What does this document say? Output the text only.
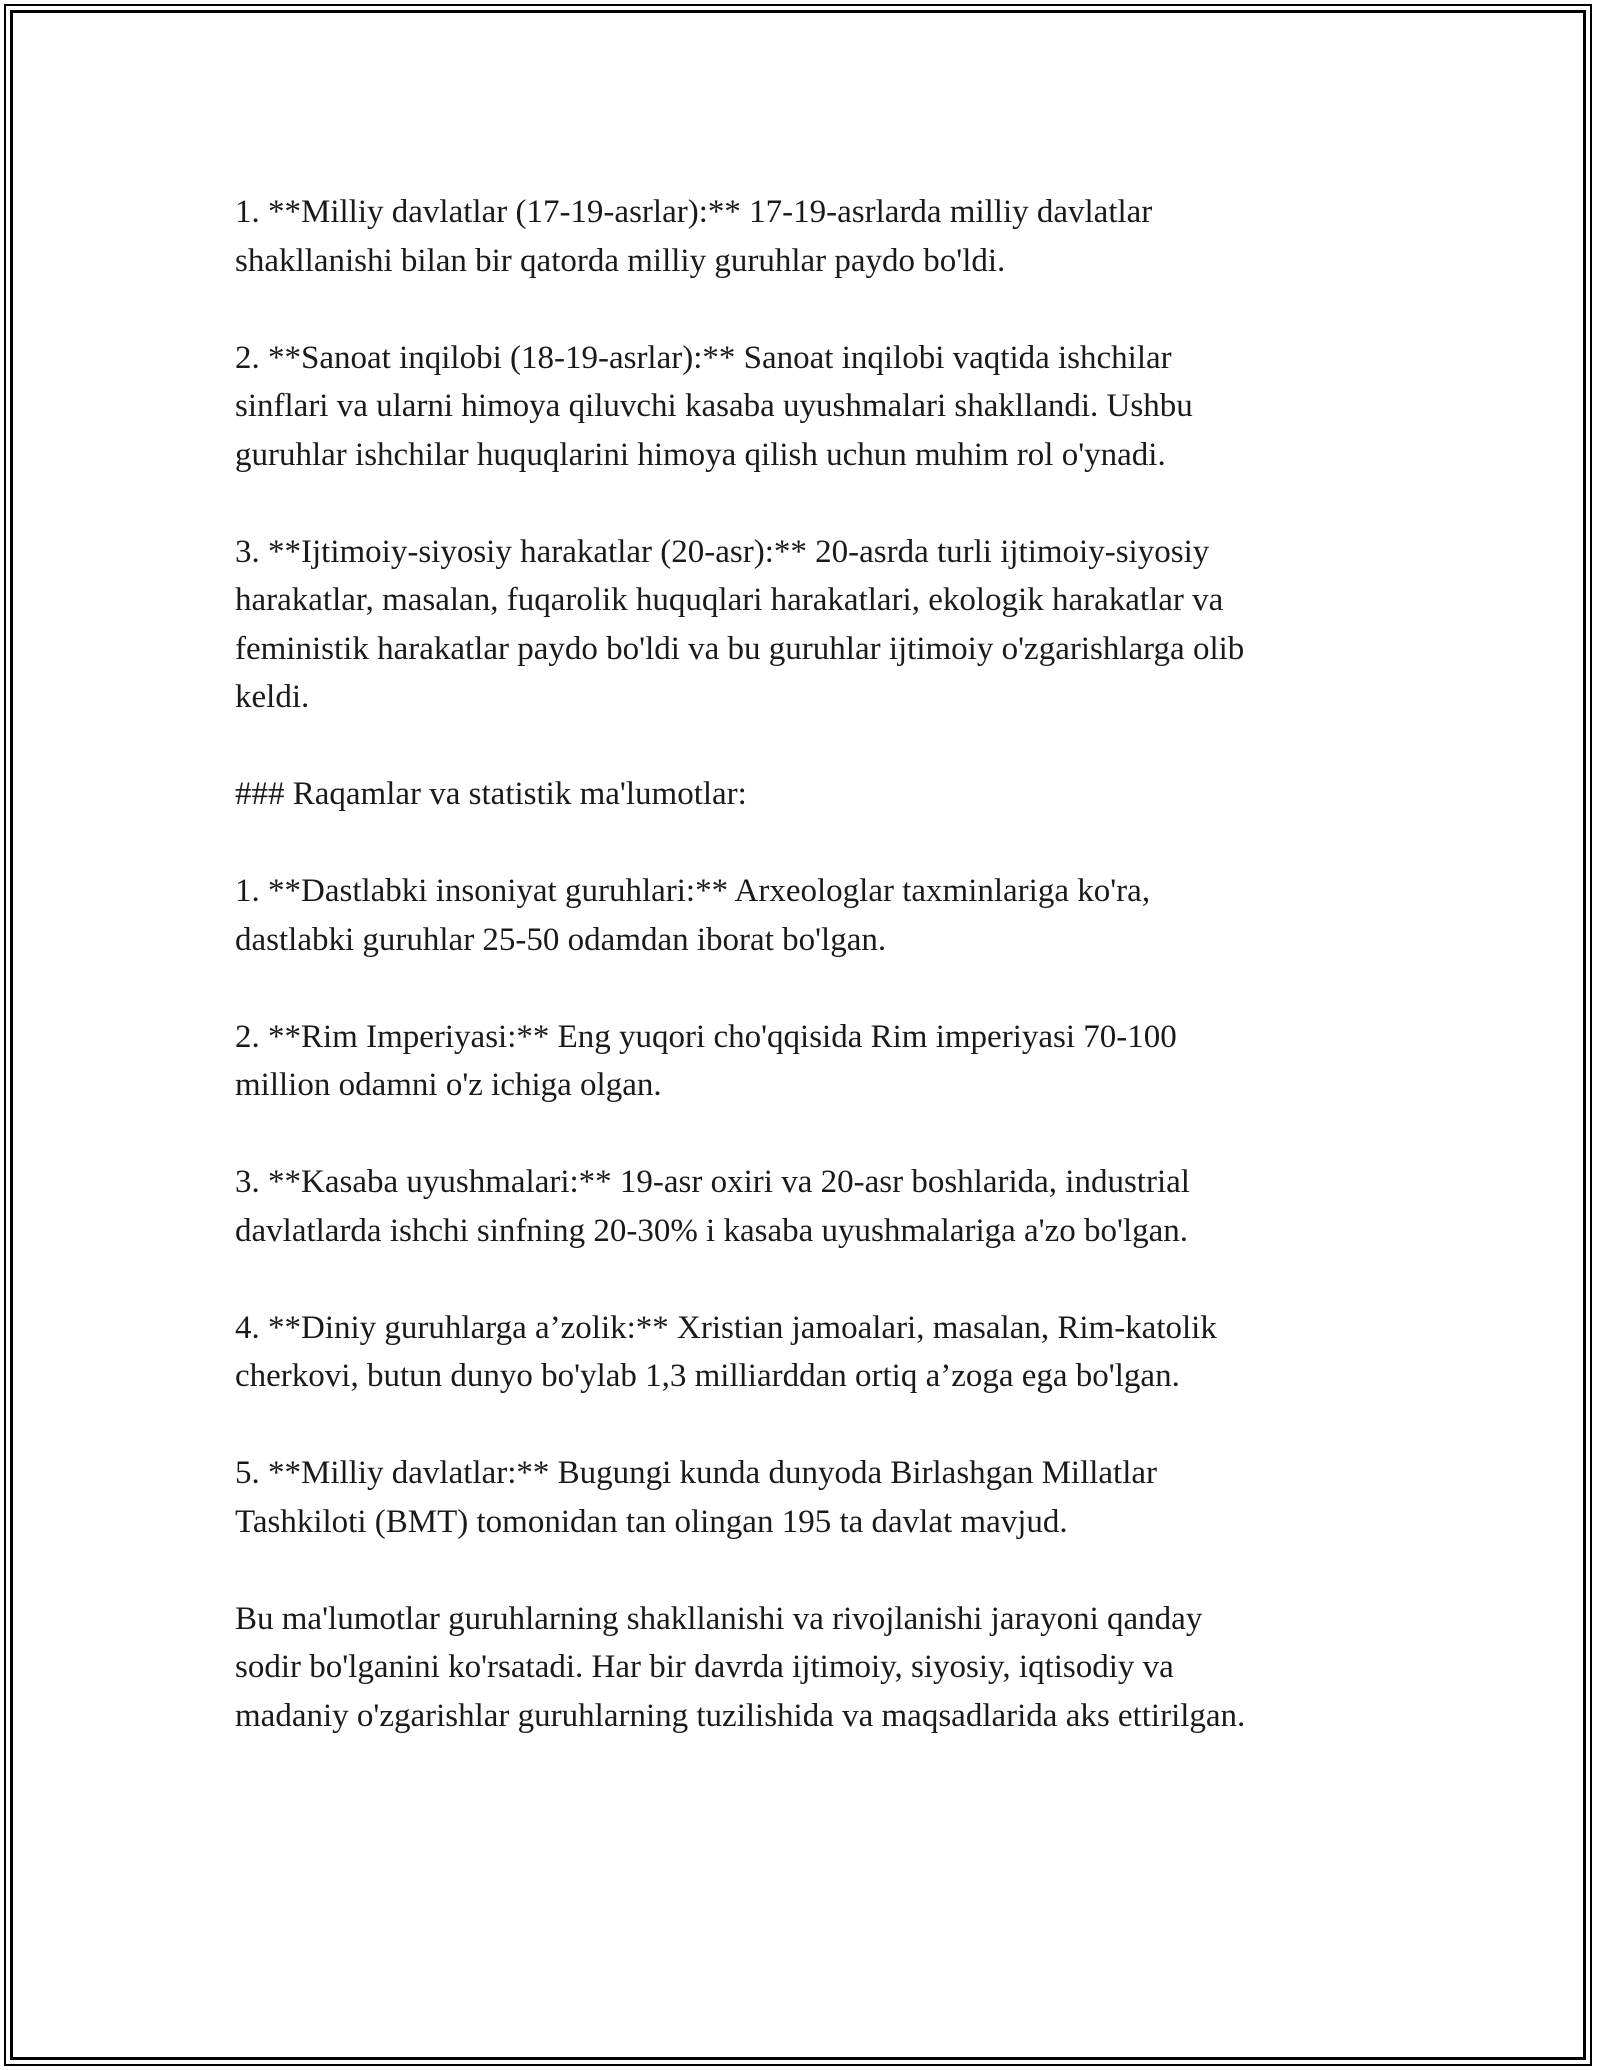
1. **Milliy davlatlar (17-19-asrlar):** 17-19-asrlarda milliy davlatlar
shakllanishi bilan bir qatorda milliy guruhlar paydo bo'ldi.

2. **Sanoat inqilobi (18-19-asrlar):** Sanoat inqilobi vaqtida ishchilar
sinflari va ularni himoya qiluvchi kasaba uyushmalari shakllandi. Ushbu
guruhlar ishchilar huquqlarini himoya qilish uchun muhim rol o'ynadi.

3. **Ijtimoiy-siyosiy harakatlar (20-asr):** 20-asrda turli ijtimoiy-siyosiy
harakatlar, masalan, fuqarolik huquqlari harakatlari, ekologik harakatlar va
feministik harakatlar paydo bo'ldi va bu guruhlar ijtimoiy o'zgarishlarga olib
keldi.

### Raqamlar va statistik ma'lumotlar:

1. **Dastlabki insoniyat guruhlari:** Arxeologlar taxminlariga ko'ra,
dastlabki guruhlar 25-50 odamdan iborat bo'lgan.

2. **Rim Imperiyasi:** Eng yuqori cho'qqisida Rim imperiyasi 70-100
million odamni o'z ichiga olgan.

3. **Kasaba uyushmalari:** 19-asr oxiri va 20-asr boshlarida, industrial
davlatlarda ishchi sinfning 20-30% i kasaba uyushmalariga a'zo bo'lgan.

4. **Diniy guruhlarga a’zolik:** Xristian jamoalari, masalan, Rim-katolik
cherkovi, butun dunyo bo'ylab 1,3 milliarddan ortiq a’zoga ega bo'lgan.

5. **Milliy davlatlar:** Bugungi kunda dunyoda Birlashgan Millatlar
Tashkiloti (BMT) tomonidan tan olingan 195 ta davlat mavjud.

Bu ma'lumotlar guruhlarning shakllanishi va rivojlanishi jarayoni qanday
sodir bo'lganini ko'rsatadi. Har bir davrda ijtimoiy, siyosiy, iqtisodiy va
madaniy o'zgarishlar guruhlarning tuzilishida va maqsadlarida aks ettirilgan.
